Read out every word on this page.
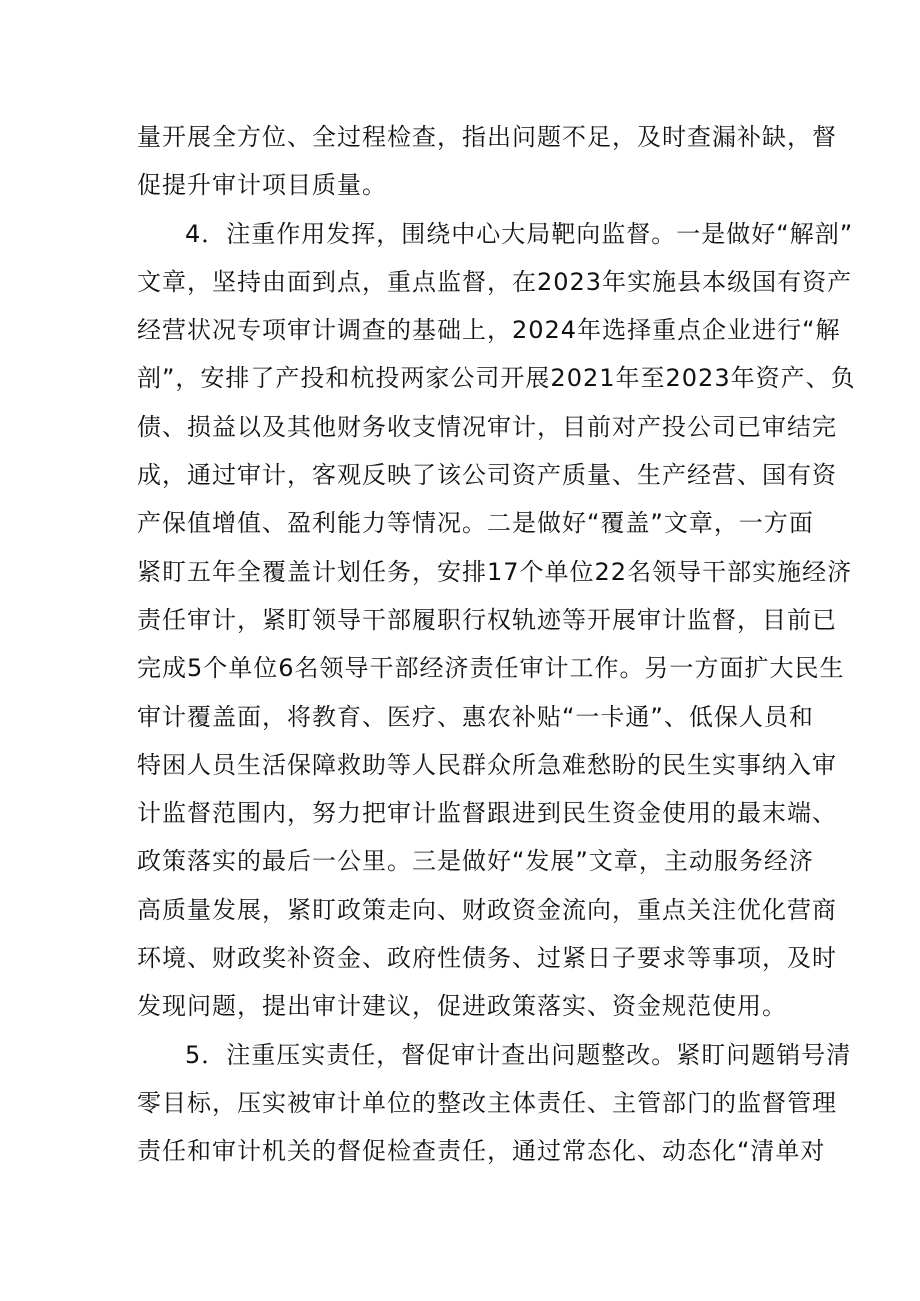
量开展全方位、全过程检查，指出问题不足，及时查漏补缺，督
促提升审计项目质量。
4．注重作用发挥，围绕中心大局靶向监督。一是做好“解剖”
文章，坚持由面到点，重点监督，在2023年实施县本级国有资产
经营状况专项审计调查的基础上，2024年选择重点企业进行“解
剖”，安排了产投和杭投两家公司开展2021年至2023年资产、负
债、损益以及其他财务收支情况审计，目前对产投公司已审结完
成，通过审计，客观反映了该公司资产质量、生产经营、国有资
产保值增值、盈利能力等情况。二是做好“覆盖”文章，一方面
紧盯五年全覆盖计划任务，安排17个单位22名领导干部实施经济
责任审计，紧盯领导干部履职行权轨迹等开展审计监督，目前已
完成5个单位6名领导干部经济责任审计工作。另一方面扩大民生
审计覆盖面，将教育、医疗、惠农补贴“一卡通”、低保人员和
特困人员生活保障救助等人民群众所急难愁盼的民生实事纳入审
计监督范围内，努力把审计监督跟进到民生资金使用的最末端、
政策落实的最后一公里。三是做好“发展”文章，主动服务经济
高质量发展，紧盯政策走向、财政资金流向，重点关注优化营商
环境、财政奖补资金、政府性债务、过紧日子要求等事项，及时
发现问题，提出审计建议，促进政策落实、资金规范使用。
5．注重压实责任，督促审计查出问题整改。紧盯问题销号清
零目标，压实被审计单位的整改主体责任、主管部门的监督管理
责任和审计机关的督促检查责任，通过常态化、动态化“清单对
